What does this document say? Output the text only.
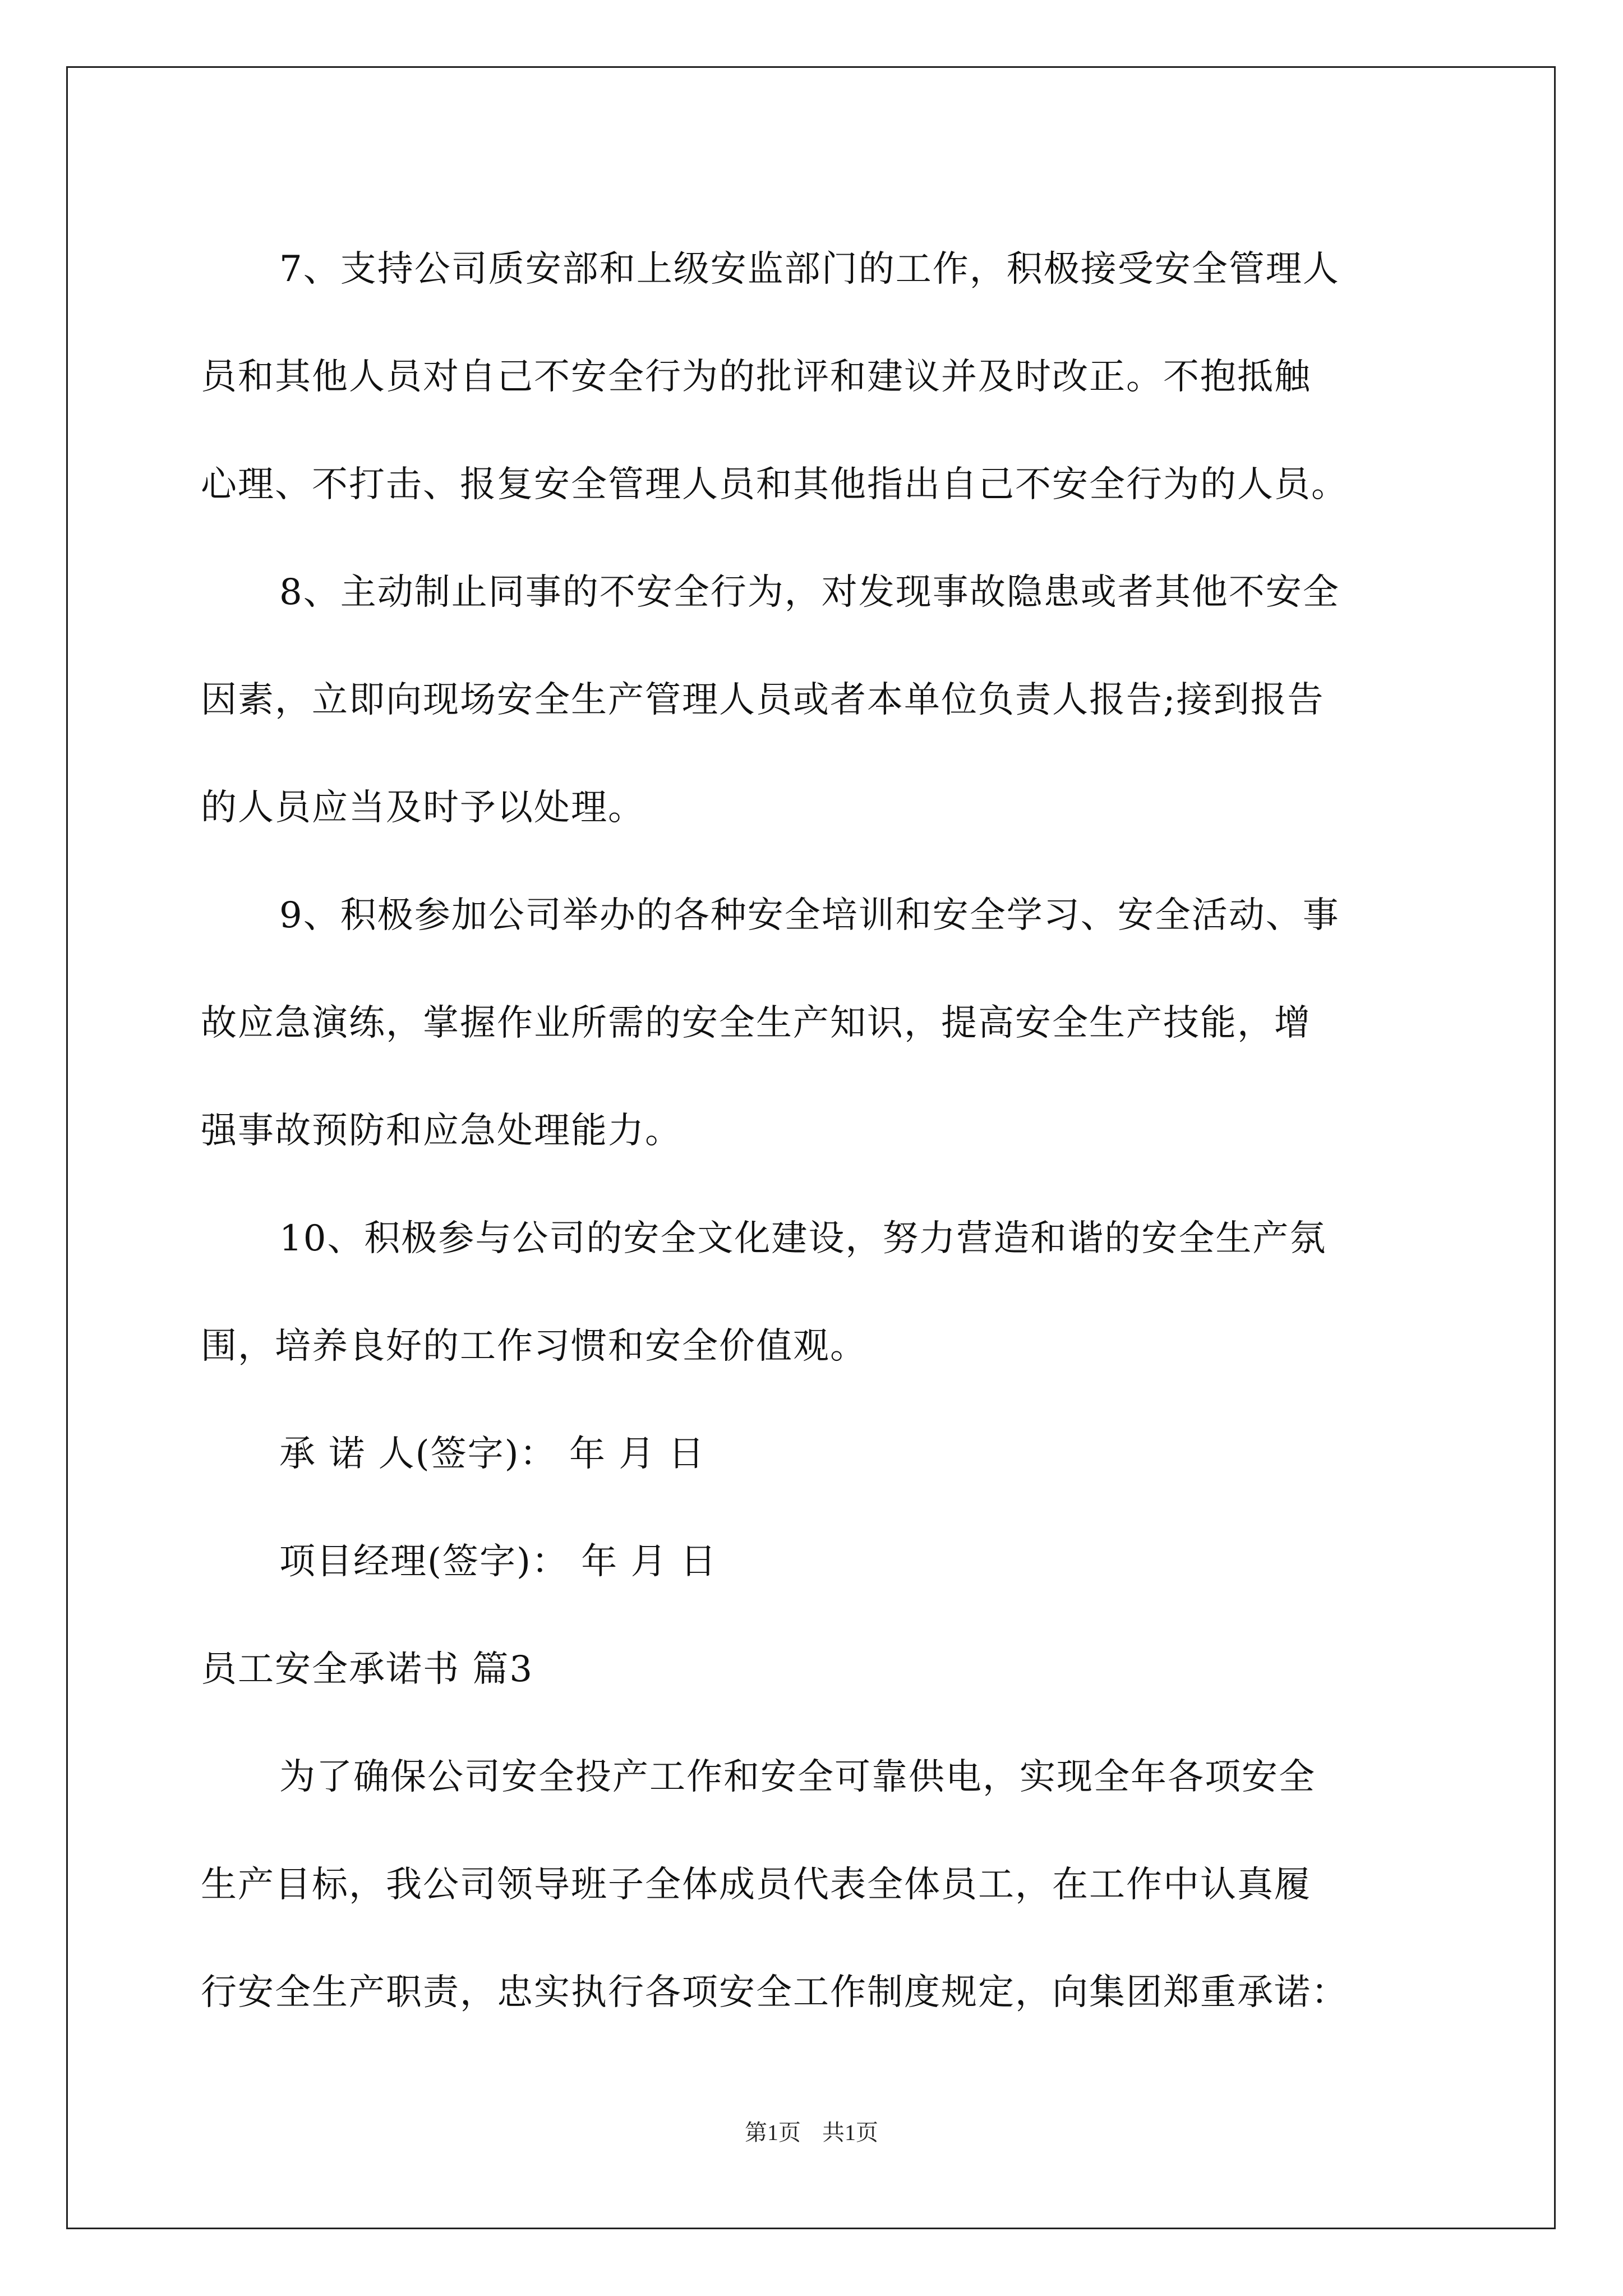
7、支持公司质安部和上级安监部门的工作，积极接受安全管理人
员和其他人员对自己不安全行为的批评和建议并及时改正。不抱抵触
心理、不打击、报复安全管理人员和其他指出自己不安全行为的人员。

8、主动制止同事的不安全行为，对发现事故隐患或者其他不安全
因素，立即向现场安全生产管理人员或者本单位负责人报告;接到报告
的人员应当及时予以处理。

9、积极参加公司举办的各种安全培训和安全学习、安全活动、事
故应急演练，掌握作业所需的安全生产知识，提高安全生产技能，增
强事故预防和应急处理能力。

10、积极参与公司的安全文化建设，努力营造和谐的安全生产氛
围，培养良好的工作习惯和安全价值观。

承 诺 人(签字)： 年 月 日

项目经理(签字)： 年 月 日

员工安全承诺书 篇3

为了确保公司安全投产工作和安全可靠供电，实现全年各项安全
生产目标，我公司领导班子全体成员代表全体员工，在工作中认真履
行安全生产职责，忠实执行各项安全工作制度规定，向集团郑重承诺：

第1页 共1页
